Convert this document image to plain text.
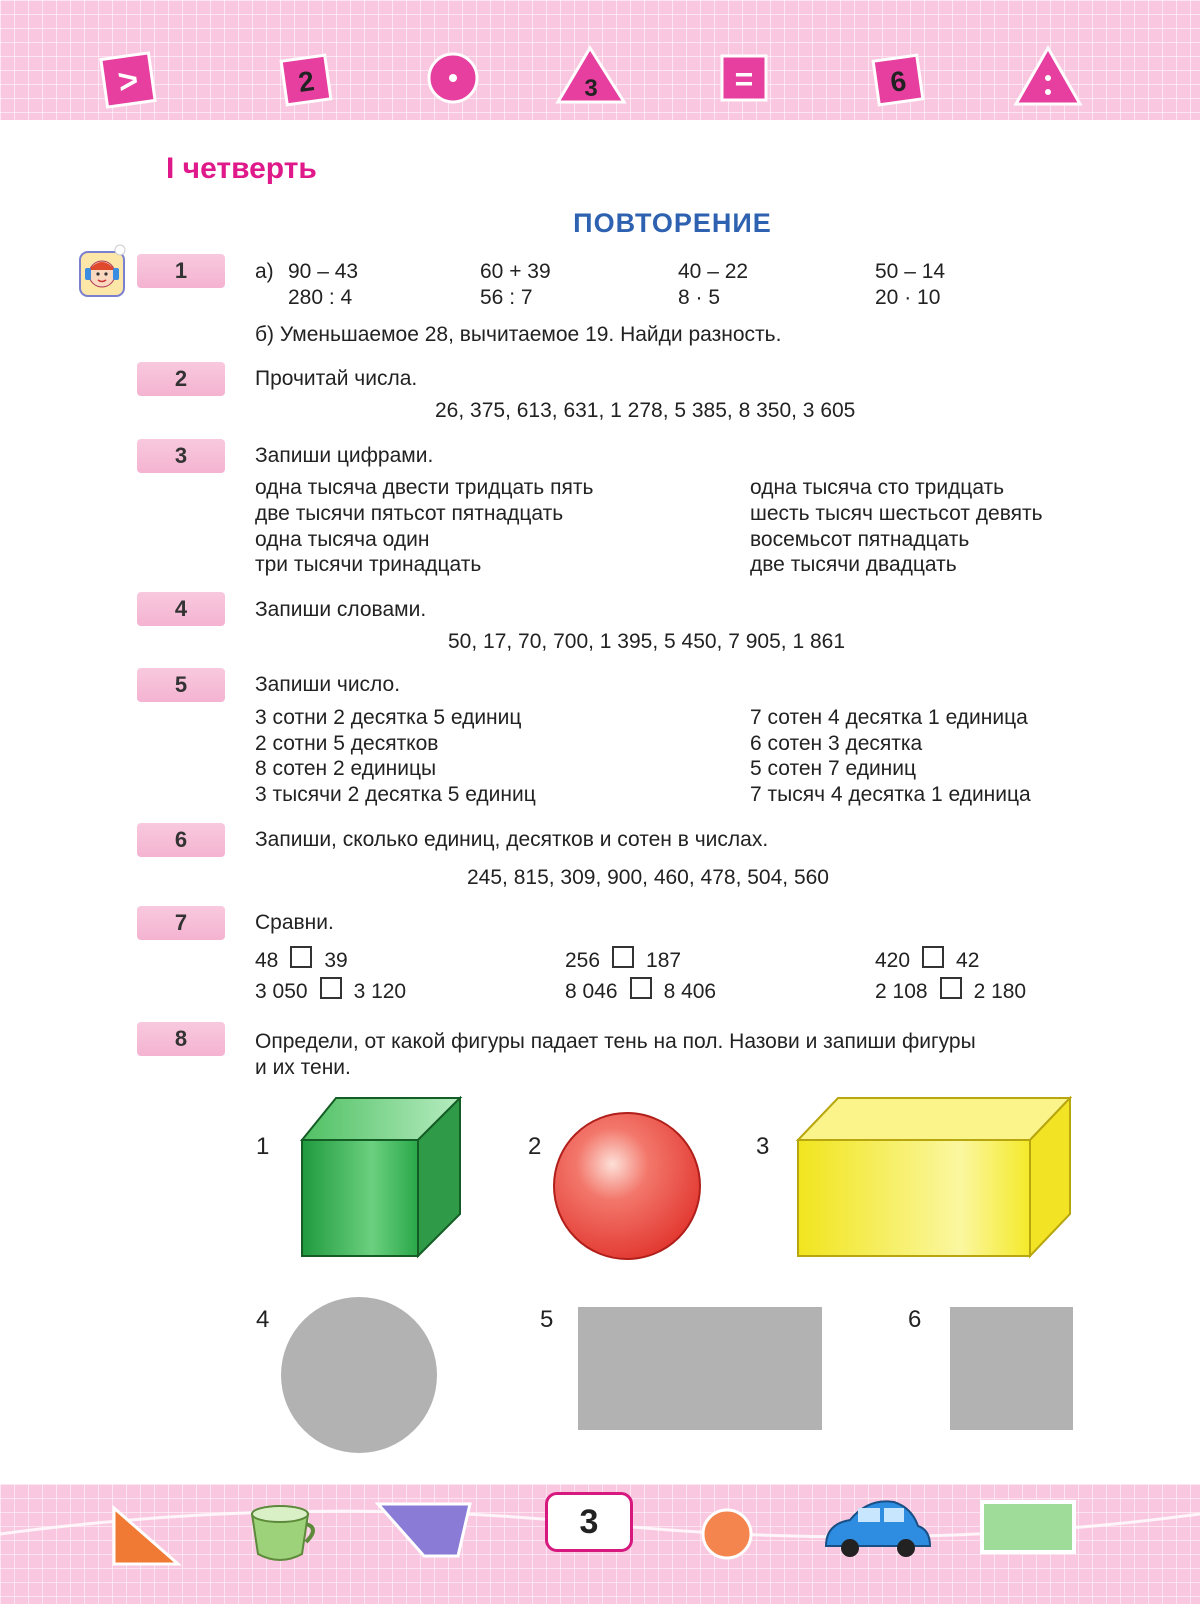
>	2	3	=	6
I четверть
ПОВТОРЕНИЕ
1	а) 90 – 43	60 + 39	40 – 22	50 – 14
280 : 4	56 : 7	8 · 5	20 · 10
б) Уменьшаемое 28, вычитаемое 19. Найди разность.
2	Прочитай числа.
26, 375, 613, 631, 1 278, 5 385, 8 350, 3 605
3	Запиши цифрами.
одна тысяча двести тридцать пять
две тысячи пятьсот пятнадцать
одна тысяча один
три тысячи тринадцать
одна тысяча сто тридцать
шесть тысяч шестьсот девять
восемьсот пятнадцать
две тысячи двадцать
4	Запиши словами.
50, 17, 70, 700, 1 395, 5 450, 7 905, 1 861
5	Запиши число.
3 сотни 2 десятка 5 единиц
2 сотни 5 десятков
8 сотен 2 единицы
3 тысячи 2 десятка 5 единиц
7 сотен 4 десятка 1 единица
6 сотен 3 десятка
5 сотен 7 единиц
7 тысяч 4 десятка 1 единица
6	Запиши, сколько единиц, десятков и сотен в числах.
245, 815, 309, 900, 460, 478, 504, 560
7	Сравни.
48 39	256 187	420 42
3 050 3 120	8 046 8 406	2 108 2 180
8	Определи, от какой фигуры падает тень на пол. Назови и запиши фигуры
и их тени.
1	2	3
4	5	6
3
